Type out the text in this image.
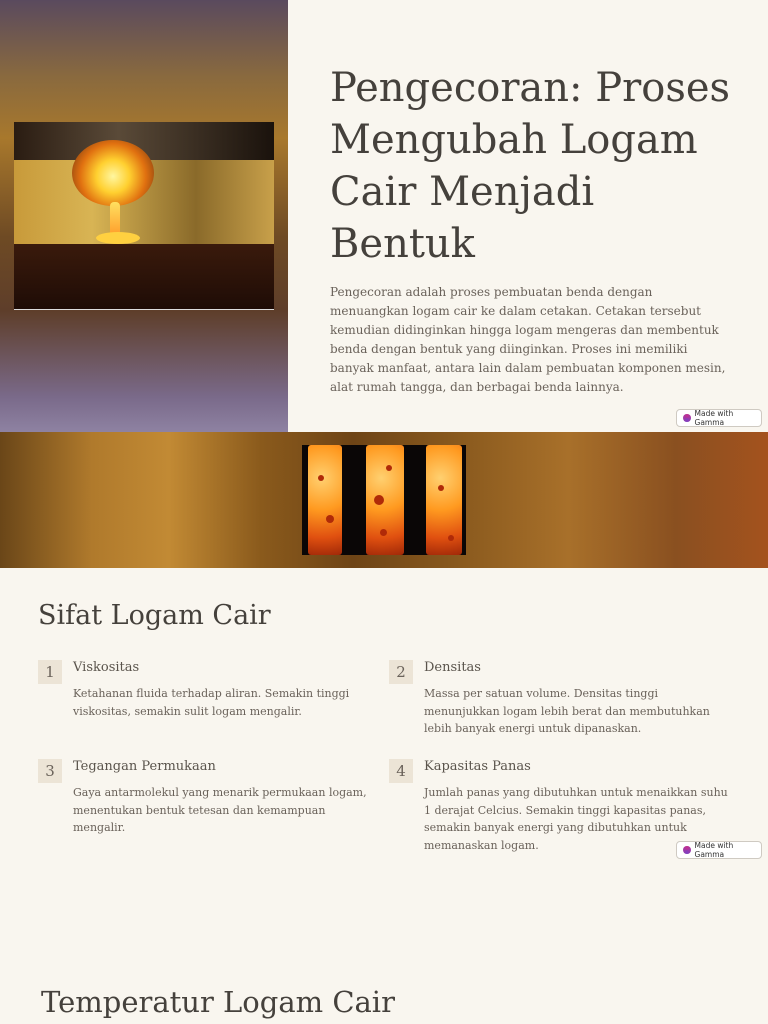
Pengecoran: Proses Mengubah Logam Cair Menjadi Bentuk

Pengecoran adalah proses pembuatan benda dengan menuangkan logam cair ke dalam cetakan. Cetakan tersebut kemudian didinginkan hingga logam mengeras dan membentuk benda dengan bentuk yang diinginkan. Proses ini memiliki banyak manfaat, antara lain dalam pembuatan komponen mesin, alat rumah tangga, dan berbagai benda lainnya.

Made with Gamma
Sifat Logam Cair
1	Viskositas
Ketahanan fluida terhadap aliran. Semakin tinggi viskositas, semakin sulit logam mengalir.
2	Densitas
Massa per satuan volume. Densitas tinggi menunjukkan logam lebih berat dan membutuhkan lebih banyak energi untuk dipanaskan.
3	Tegangan Permukaan
Gaya antarmolekul yang menarik permukaan logam, menentukan bentuk tetesan dan kemampuan mengalir.
4	Kapasitas Panas
Jumlah panas yang dibutuhkan untuk menaikkan suhu 1 derajat Celcius. Semakin tinggi kapasitas panas, semakin banyak energi yang dibutuhkan untuk memanaskan logam.	Made with Gamma
Temperatur Logam Cair
